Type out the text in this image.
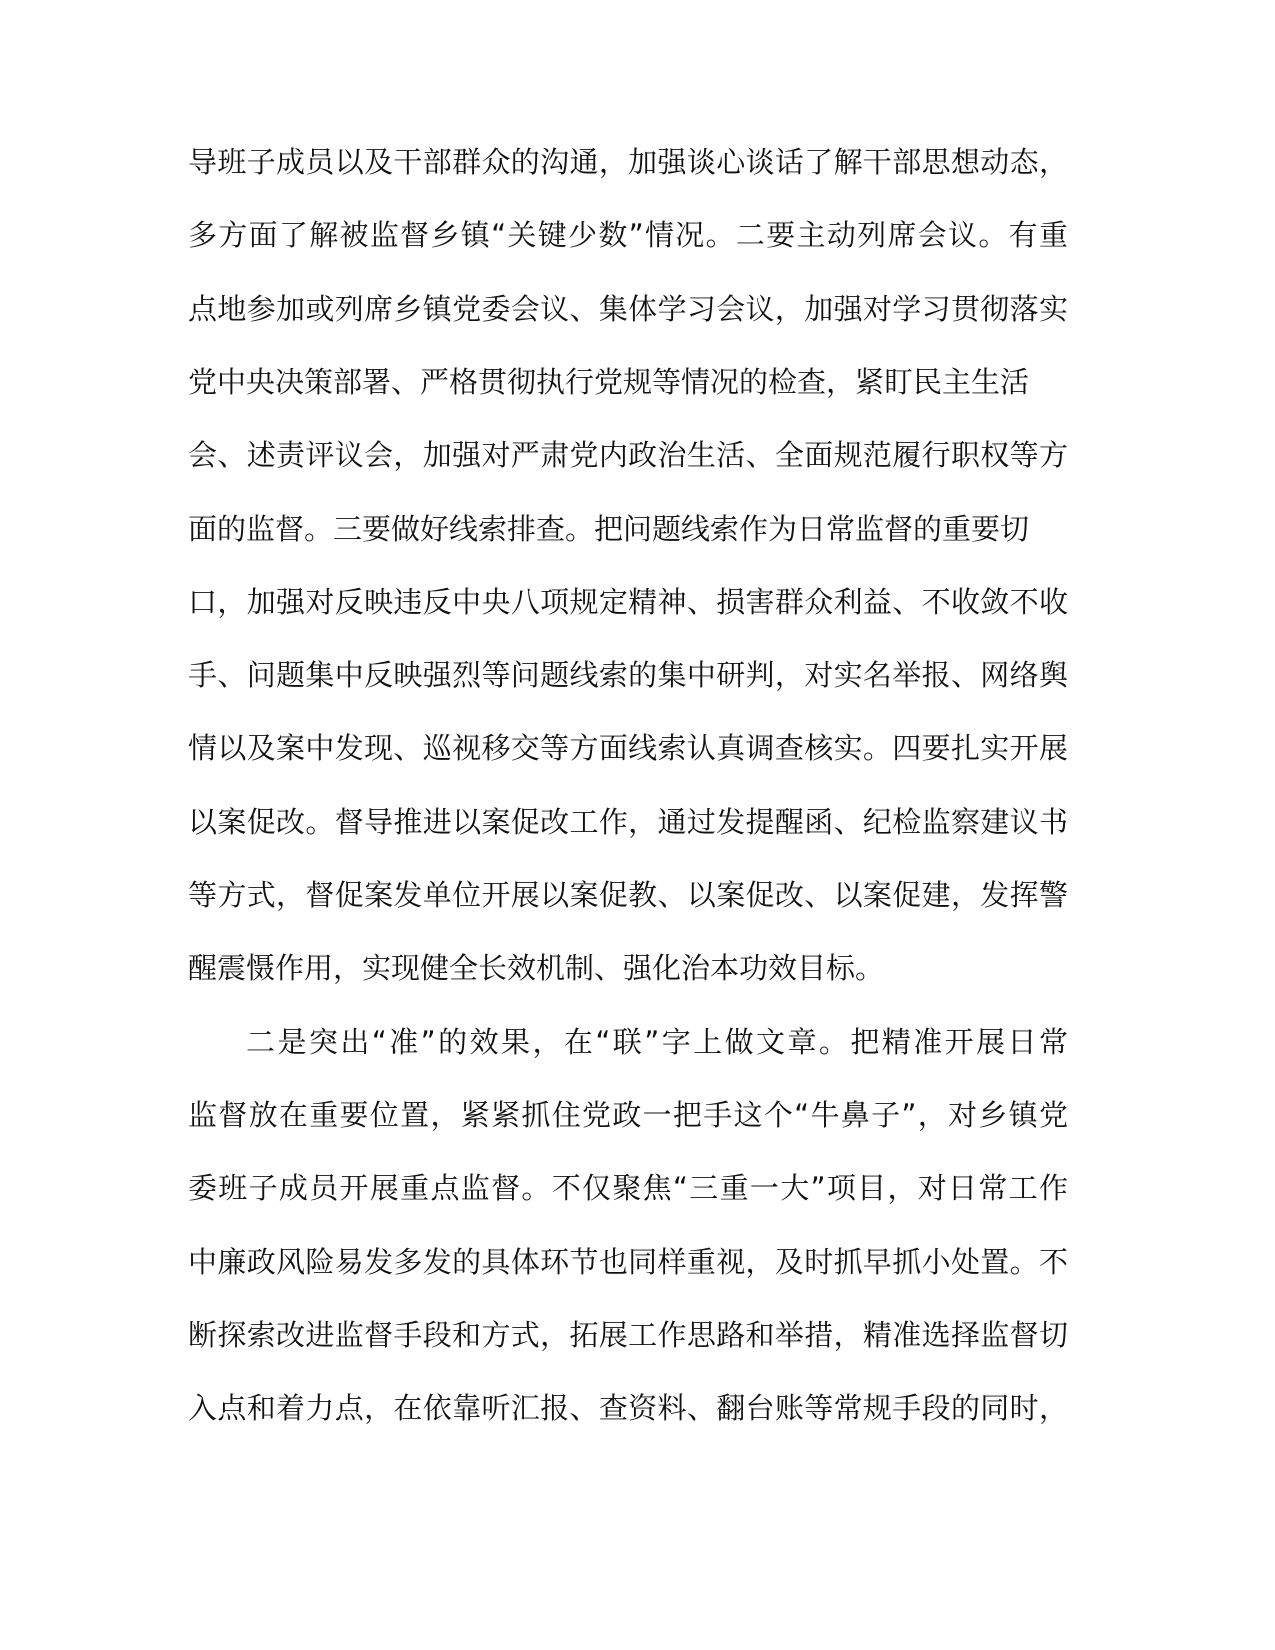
导班子成员以及干部群众的沟通，加强谈心谈话了解干部思想动态，
多方面了解被监督乡镇“关键少数”情况。二要主动列席会议。有重
点地参加或列席乡镇党委会议、集体学习会议，加强对学习贯彻落实
党中央决策部署、严格贯彻执行党规等情况的检查，紧盯民主生活
会、述责评议会，加强对严肃党内政治生活、全面规范履行职权等方
面的监督。三要做好线索排查。把问题线索作为日常监督的重要切
口，加强对反映违反中央八项规定精神、损害群众利益、不收敛不收
手、问题集中反映强烈等问题线索的集中研判，对实名举报、网络舆
情以及案中发现、巡视移交等方面线索认真调查核实。四要扎实开展
以案促改。督导推进以案促改工作，通过发提醒函、纪检监察建议书
等方式，督促案发单位开展以案促教、以案促改、以案促建，发挥警
醒震慑作用，实现健全长效机制、强化治本功效目标。
二是突出“准”的效果，在“联”字上做文章。把精准开展日常
监督放在重要位置，紧紧抓住党政一把手这个“牛鼻子”，对乡镇党
委班子成员开展重点监督。不仅聚焦“三重一大”项目，对日常工作
中廉政风险易发多发的具体环节也同样重视，及时抓早抓小处置。不
断探索改进监督手段和方式，拓展工作思路和举措，精准选择监督切
入点和着力点，在依靠听汇报、查资料、翻台账等常规手段的同时，
